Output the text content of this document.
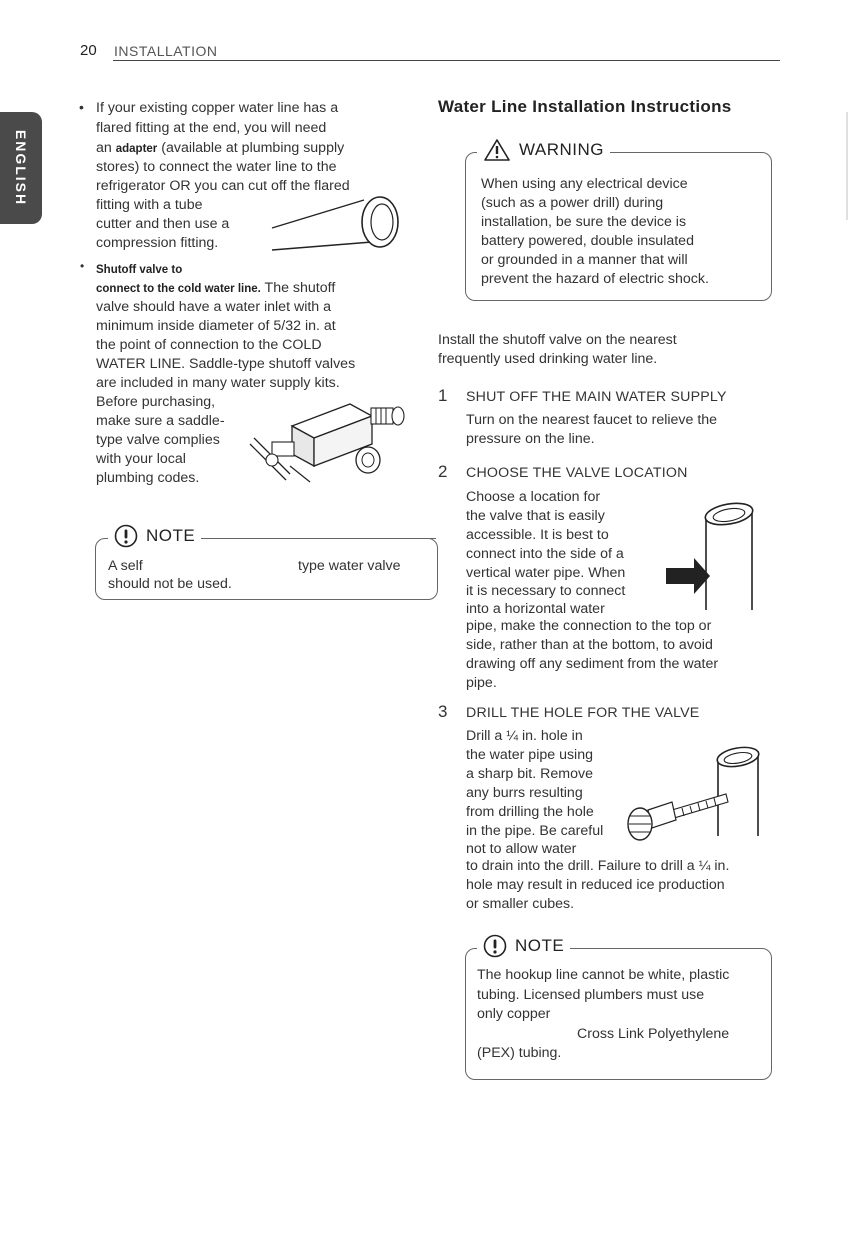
20 INSTALLATION
ENGLISH
• If your existing copper water line has a
flared fitting at the end, you will need
an adapter (available at plumbing supply
stores) to connect the water line to the
refrigerator OR you can cut off the flared
fitting with a tube
cutter and then use a
compression fitting.
• Shutoff valve to
connect to the cold water line. The shutoff
valve should have a water inlet with a
minimum inside diameter of 5/32 in. at
the point of connection to the COLD
WATER LINE. Saddle-type shutoff valves
are included in many water supply kits.
Before purchasing,
make sure a saddle-
type valve complies
with your local
plumbing codes.
NOTE
A self	type water valve
should not be used.
Water Line Installation Instructions
WARNING
When using any electrical device
(such as a power drill) during
installation, be sure the device is
battery powered, double insulated
or grounded in a manner that will
prevent the hazard of electric shock.
Install the shutoff valve on the nearest
frequently used drinking water line.
1 SHUT OFF THE MAIN WATER SUPPLY
Turn on the nearest faucet to relieve the
pressure on the line.
2 CHOOSE THE VALVE LOCATION
Choose a location for
the valve that is easily
accessible. It is best to
connect into the side of a
vertical water pipe. When
it is necessary to connect
into a horizontal water
pipe, make the connection to the top or
side, rather than at the bottom, to avoid
drawing off any sediment from the water
pipe.
3 DRILL THE HOLE FOR THE VALVE
Drill a ¼ in. hole in
the water pipe using
a sharp bit. Remove
any burrs resulting
from drilling the hole
in the pipe. Be careful
not to allow water
to drain into the drill. Failure to drill a ¼ in.
hole may result in reduced ice production
or smaller cubes.
NOTE
The hookup line cannot be white, plastic
tubing. Licensed plumbers must use
only copper
Cross Link Polyethylene
(PEX) tubing.
